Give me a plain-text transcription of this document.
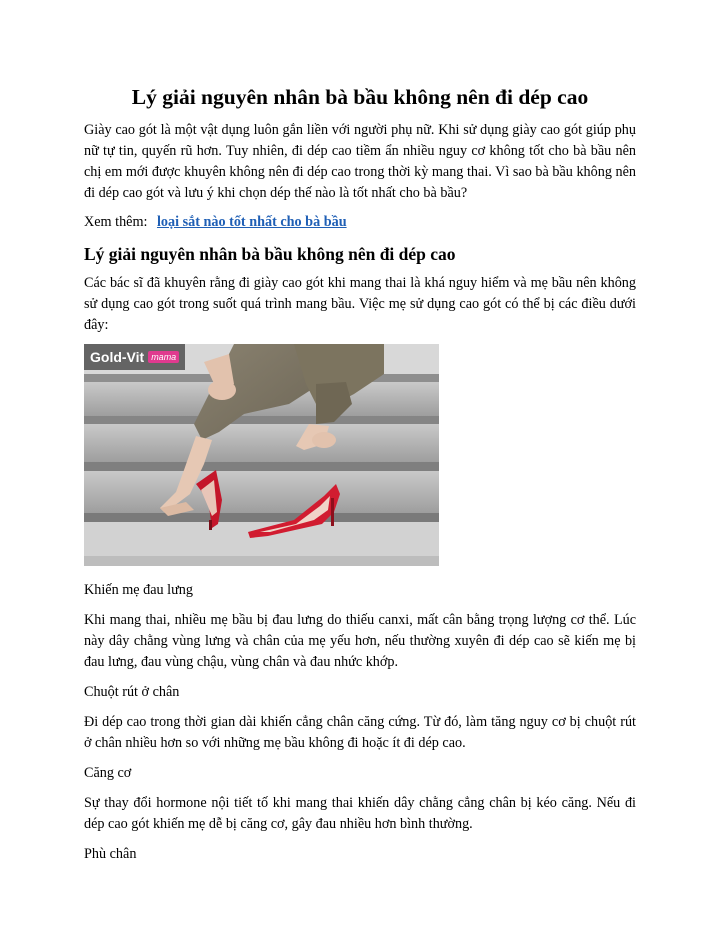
Lý giải nguyên nhân bà bầu không nên đi dép cao

Giày cao gót là một vật dụng luôn gắn liền với người phụ nữ. Khi sử dụng giày cao gót giúp phụ nữ tự tin, quyến rũ hơn. Tuy nhiên, đi dép cao tiềm ẩn nhiều nguy cơ không tốt cho bà bầu nên chị em mới được khuyên không nên đi dép cao trong thời kỳ mang thai. Vì sao bà bầu không nên đi dép cao gót và lưu ý khi chọn dép thế nào là tốt nhất cho bà bầu?

Xem thêm: loại sắt nào tốt nhất cho bà bầu
Lý giải nguyên nhân bà bầu không nên đi dép cao

Các bác sĩ đã khuyên rằng đi giày cao gót khi mang thai là khá nguy hiểm và mẹ bầu nên không sử dụng cao gót trong suốt quá trình mang bầu. Việc mẹ sử dụng cao gót có thể bị các điều dưới đây:

Gold-Vit mama

Khiến mẹ đau lưng

Khi mang thai, nhiều mẹ bầu bị đau lưng do thiếu canxi, mất cân bằng trọng lượng cơ thể. Lúc này dây chằng vùng lưng và chân của mẹ yếu hơn, nếu thường xuyên đi dép cao sẽ kiến mẹ bị đau lưng, đau vùng chậu, vùng chân và đau nhức khớp.

Chuột rút ở chân

Đi dép cao trong thời gian dài khiến cẳng chân căng cứng. Từ đó, làm tăng nguy cơ bị chuột rút ở chân nhiều hơn so với những mẹ bầu không đi hoặc ít đi dép cao.

Căng cơ

Sự thay đổi hormone nội tiết tố khi mang thai khiến dây chằng cẳng chân bị kéo căng. Nếu đi dép cao gót khiến mẹ dễ bị căng cơ, gây đau nhiều hơn bình thường.

Phù chân
